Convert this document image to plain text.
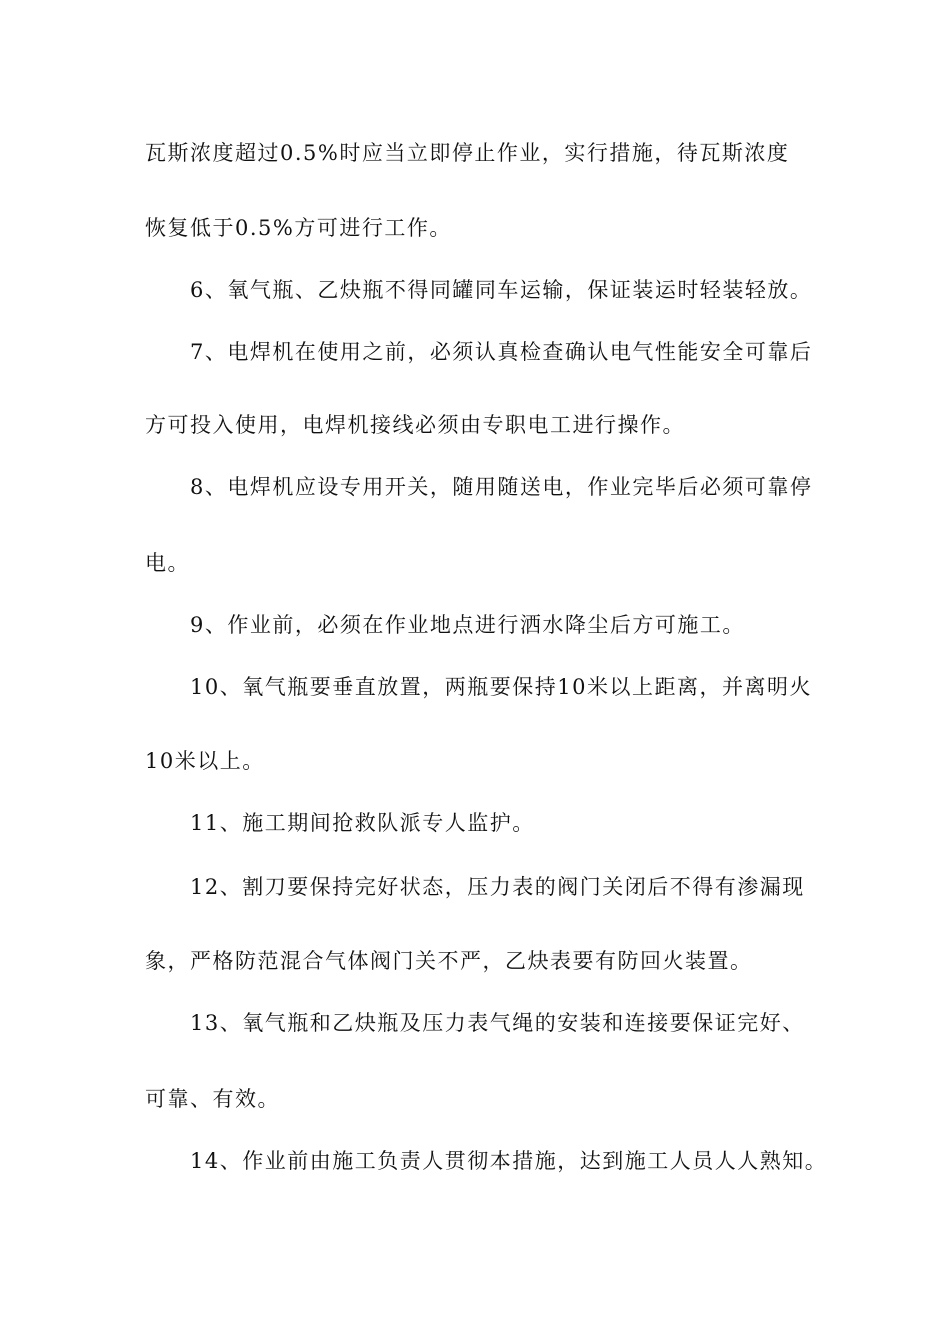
瓦斯浓度超过0.5%时应当立即停止作业，实行措施，待瓦斯浓度
恢复低于0.5%方可进行工作。
6、氧气瓶、乙炔瓶不得同罐同车运输，保证装运时轻装轻放。
7、电焊机在使用之前，必须认真检查确认电气性能安全可靠后
方可投入使用，电焊机接线必须由专职电工进行操作。
8、电焊机应设专用开关，随用随送电，作业完毕后必须可靠停
电。
9、作业前，必须在作业地点进行洒水降尘后方可施工。
10、氧气瓶要垂直放置，两瓶要保持10米以上距离，并离明火
10米以上。
11、施工期间抢救队派专人监护。
12、割刀要保持完好状态，压力表的阀门关闭后不得有渗漏现
象，严格防范混合气体阀门关不严，乙炔表要有防回火装置。
13、氧气瓶和乙炔瓶及压力表气绳的安装和连接要保证完好、
可靠、有效。
14、作业前由施工负责人贯彻本措施，达到施工人员人人熟知。
